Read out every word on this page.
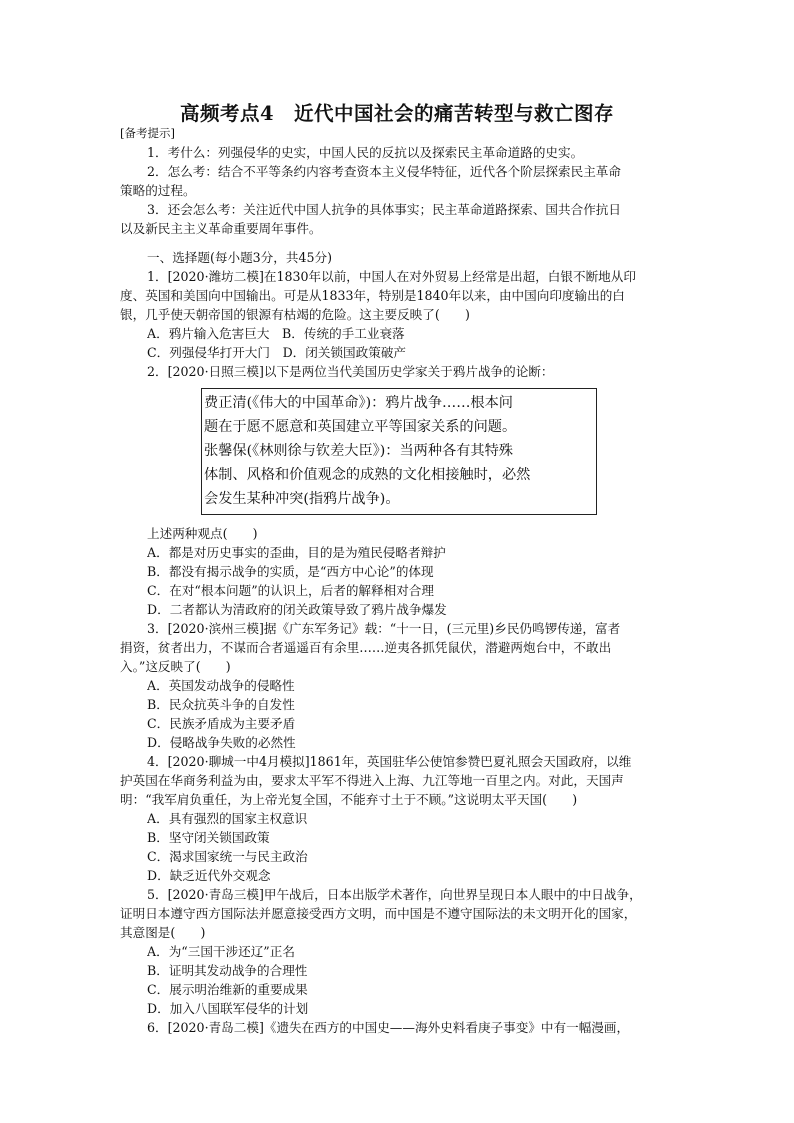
高频考点4　近代中国社会的痛苦转型与救亡图存
[备考提示]
1．考什么：列强侵华的史实，中国人民的反抗以及探索民主革命道路的史实。
2．怎么考：结合不平等条约内容考查资本主义侵华特征，近代各个阶层探索民主革命
策略的过程。
3．还会怎么考：关注近代中国人抗争的具体事实；民主革命道路探索、国共合作抗日
以及新民主主义革命重要周年事件。
一、选择题(每小题3分，共45分)
1．[2020·潍坊二模]在1830年以前，中国人在对外贸易上经常是出超，白银不断地从印
度、英国和美国向中国输出。可是从1833年，特别是1840年以来，由中国向印度输出的白
银，几乎使天朝帝国的银源有枯竭的危险。这主要反映了(　　)
A．鸦片输入危害巨大　B．传统的手工业衰落
C．列强侵华打开大门　D．闭关锁国政策破产
2．[2020·日照三模]以下是两位当代美国历史学家关于鸦片战争的论断：
费正清(《伟大的中国革命》)：鸦片战争……根本问
题在于愿不愿意和英国建立平等国家关系的问题。
张馨保(《林则徐与钦差大臣》)：当两种各有其特殊
体制、风格和价值观念的成熟的文化相接触时，必然
会发生某种冲突(指鸦片战争)。
上述两种观点(　　)
A．都是对历史事实的歪曲，目的是为殖民侵略者辩护
B．都没有揭示战争的实质，是“西方中心论”的体现
C．在对“根本问题”的认识上，后者的解释相对合理
D．二者都认为清政府的闭关政策导致了鸦片战争爆发
3．[2020·滨州三模]据《广东军务记》载：“十一日，(三元里)乡民仍鸣锣传递，富者
捐资，贫者出力，不谋而合者遥遥百有余里……逆夷各抓凭鼠伏，潜避两炮台中，不敢出
入。”这反映了(　　)
A．英国发动战争的侵略性
B．民众抗英斗争的自发性
C．民族矛盾成为主要矛盾
D．侵略战争失败的必然性
4．[2020·聊城一中4月模拟]1861年，英国驻华公使馆参赞巴夏礼照会天国政府，以维
护英国在华商务利益为由，要求太平军不得进入上海、九江等地一百里之内。对此，天国声
明：“我军肩负重任，为上帝光复全国，不能弃寸土于不顾。”这说明太平天国(　　)
A．具有强烈的国家主权意识
B．坚守闭关锁国政策
C．渴求国家统一与民主政治
D．缺乏近代外交观念
5．[2020·青岛三模]甲午战后，日本出版学术著作，向世界呈现日本人眼中的中日战争，
证明日本遵守西方国际法并愿意接受西方文明，而中国是不遵守国际法的未文明开化的国家，
其意图是(　　)
A．为“三国干涉还辽”正名
B．证明其发动战争的合理性
C．展示明治维新的重要成果
D．加入八国联军侵华的计划
6．[2020·青岛二模]《遗失在西方的中国史——海外史料看庚子事变》中有一幅漫画，
